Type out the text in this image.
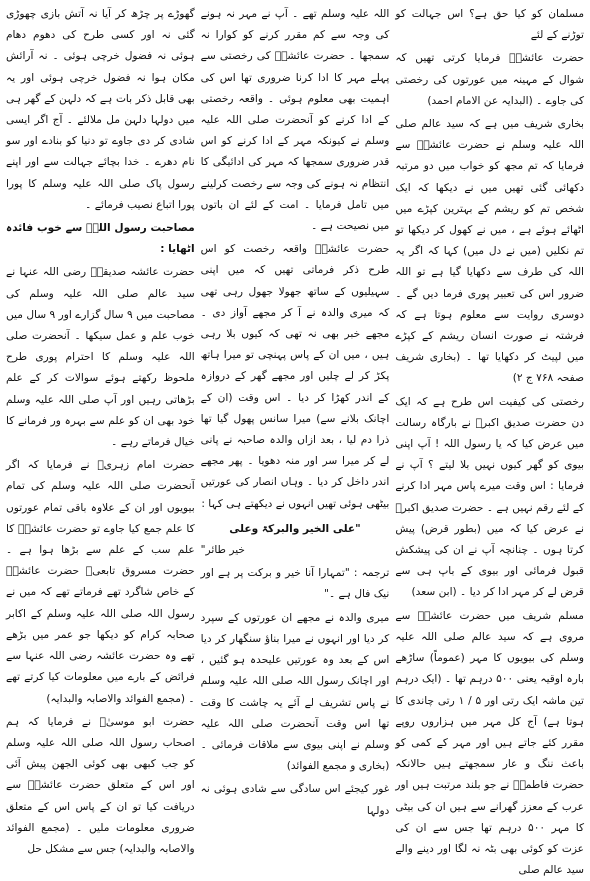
مسلمان کو کیا حق ہے؟ اس جہالت کو توڑنے کے لئے

حضرت عائشہؓ فرمایا کرتی تھیں کہ شوال کے مہینہ میں عورتوں کی رخصتی کی جاوے ۔ (البدایہ عن الامام احمد)

بخاری شریف میں ہے کہ سید عالم صلی اللہ علیہ وسلم نے حضرت عائشہؓ سے فرمایا کہ تم مجھ کو خواب میں دو مرتبہ دکھائی گئی تھیں میں نے دیکھا کہ ایک شخص تم کو ریشم کے بہترین کپڑے میں اٹھائے ہوئے ہے ، میں نے کھول کر دیکھا تو تم نکلیں (میں نے دل میں) کہا کہ اگر یہ اللہ کی طرف سے دکھایا گیا ہے تو اللہ ضرور اس کی تعبیر پوری فرما دیں گے ۔ دوسری روایت سے معلوم ہوتا ہے کہ فرشتہ نے صورت انسان ریشم کے کپڑے میں لپیٹ کر دکھایا تھا ۔ (بخاری شریف صفحہ ۷۶۸ ج ۲)

رخصتی کی کیفیت اس طرح ہے کہ ایک دن حضرت صدیق اکبرؓ نے بارگاہ رسالت میں عرض کیا کہ یا رسول اللہ ! آپ اپنی بیوی کو گھر کیوں نہیں بلا لیتے ؟ آپ نے فرمایا : اس وقت میرے پاس مہر ادا کرنے کے لئے رقم نہیں ہے ۔ حضرت صدیق اکبرؓ نے عرض کیا کہ میں (بطور قرض) پیش کرتا ہوں ۔ چنانچہ آپ نے ان کی پیشکش قبول فرمائی اور بیوی کے باپ ہی سے قرض لے کر مہر ادا کر دیا ۔ (ابن سعد)

مسلم شریف میں حضرت عائشہؓ سے مروی ہے کہ سید عالم صلی اللہ علیہ وسلم کی بیویوں کا مہر (عموماً) ساڑھے بارہ اوقیہ یعنی ۵۰۰ درہم تھا ۔ (ایک درہم تین ماشہ ایک رتی اور ۵ / ۱ رتی چاندی کا ہوتا ہے) آج کل مہر میں ہزاروں روپے مقرر کئے جاتے ہیں اور مہر کے کمی کو باعث ننگ و عار سمجھتے ہیں حالانکہ حضرت فاطمہؓ نے جو بلند مرتبت ہیں اور عرب کے معزز گھرانے سے ہیں ان کی بیٹی کا مہر ۵۰۰ درہم تھا جس سے ان کی عزت کو کوئی بھی بٹہ نہ لگا اور دینے والے سید عالم صلی

اللہ علیہ وسلم تھے ۔ آپ نے مہر نہ ہونے کی وجہ سے کم مقرر کرنے کو کوارا نہ سمجھا ۔ حضرت عائشہؓ کی رخصتی سے پہلے مہر کا ادا کرنا ضروری تھا اس کی اہمیت بھی معلوم ہوئی ۔ واقعہ رخصتی کے ادا کرنے کو آنحضرت صلی اللہ علیہ وسلم نے کیونکہ مہر کے ادا کرنے کو اس قدر ضروری سمجھا کہ مہر کی ادائیگی کا انتظام نہ ہونے کی وجہ سے رخصت کرلینے میں تامل فرمایا ۔ امت کے لئے ان باتوں میں نصیحت ہے ۔

حضرت عائشہؓ واقعہ رخصت کو اس طرح ذکر فرماتی تھیں کہ میں اپنی سہیلیوں کے ساتھ جھولا جھول رہی تھی کہ میری والدہ نے آ کر مجھے آواز دی ۔ مجھے خبر بھی نہ تھی کہ کیوں بلا رہی ہیں ، میں ان کے پاس پہنچی تو میرا ہاتھ پکڑ کر لے چلیں اور مجھے گھر کے دروازہ کے اندر کھڑا کر دیا ۔ اس وقت (ان کے اچانک بلانے سے) میرا سانس پھول گیا تھا ذرا دم لیا ، بعد ازاں والدہ صاحبہ نے پانی لے کر میرا سر اور منہ دھویا ۔ پھر مجھے اندر داخل کر دیا ۔ وہاں انصار کی عورتیں بیٹھی ہوئی تھیں انہوں نے دیکھتے ہی کہا :

"علی الخیر والبرکۃ وعلی

خیر طائر"

ترجمہ : "تمہارا آنا خیر و برکت پر ہے اور نیک فال ہے ۔"

میری والدہ نے مجھے ان عورتوں کے سپرد کر دیا اور انہوں نے میرا بناؤ سنگھار کر دیا اس کے بعد وہ عورتیں علیحدہ ہو گئیں ، اور اچانک رسول اللہ صلی اللہ علیہ وسلم نے پاس تشریف لے آئے یہ چاشت کا وقت تھا اس وقت آنحضرت صلی اللہ علیہ وسلم نے اپنی بیوی سے ملاقات فرمائی ۔ (بخاری و مجمع الفوائد)

غور کیجئے اس سادگی سے شادی ہوئی نہ دولہا

گھوڑے پر چڑھ کر آیا نہ آتش بازی چھوڑی گئی نہ اور کسی طرح کی دھوم دھام ہوئی نہ فضول خرچی ہوئی ۔ نہ آرائش مکان ہوا نہ فضول خرچی ہوئی اور یہ بھی قابل ذکر بات ہے کہ دلہن کے گھر ہی میں دولہا دلہن مل ملالئے ۔ آج اگر ایسی شادی کر دی جاوے تو دنیا کو بنادے اور سو نام دھرے ۔ خدا بچائے جہالت سے اور اپنے رسول پاک صلی اللہ علیہ وسلم کا پورا پورا اتباع نصیب فرمائے ۔

مصاحبت رسول اللہؐ سے خوب فائدہ اٹھایا :

حضرت عائشہ صدیقہؓ رضی اللہ عنہا نے سید عالم صلی اللہ علیہ وسلم کی مصاحبت میں ۹ سال گزارے اور ۹ سال میں خوب علم و عمل سیکھا ۔ آنحضرت صلی اللہ علیہ وسلم کا احترام پوری طرح ملحوظ رکھتے ہوئے سوالات کر کے علم بڑھاتی رہیں اور آپ صلی اللہ علیہ وسلم خود بھی ان کو علم سے بہرہ ور فرمانے کا خیال فرماتے رہے ۔

حضرت امام زہریؒ نے فرمایا کہ اگر آنحضرت صلی اللہ علیہ وسلم کی تمام بیویوں اور ان کے علاوہ باقی تمام عورتوں کا علم جمع کیا جاوے تو حضرت عائشہؓ کا علم سب کے علم سے بڑھا ہوا ہے ۔ حضرت مسروق تابعیؒ حضرت عائشہؓ کے خاص شاگرد تھے فرماتے تھے کہ میں نے رسول اللہ صلی اللہ علیہ وسلم کے اکابر صحابہ کرام کو دیکھا جو عمر میں بڑھے تھے وہ حضرت عائشہ رضی اللہ عنہا سے فرائض کے بارے میں معلومات کیا کرتے تھے ۔ (مجمع الفوائد والاصابہ والبدایہ)

حضرت ابو موسیٰؓ نے فرمایا کہ ہم اصحاب رسول اللہ صلی اللہ علیہ وسلم کو جب کبھی بھی کوئی الجھن پیش آئی اور اس کے متعلق حضرت عائشہؓ سے دریافت کیا تو ان کے پاس اس کے متعلق ضروری معلومات ملیں ۔ (مجمع الفوائد والاصابہ والبدایہ) جس سے مشکل حل
